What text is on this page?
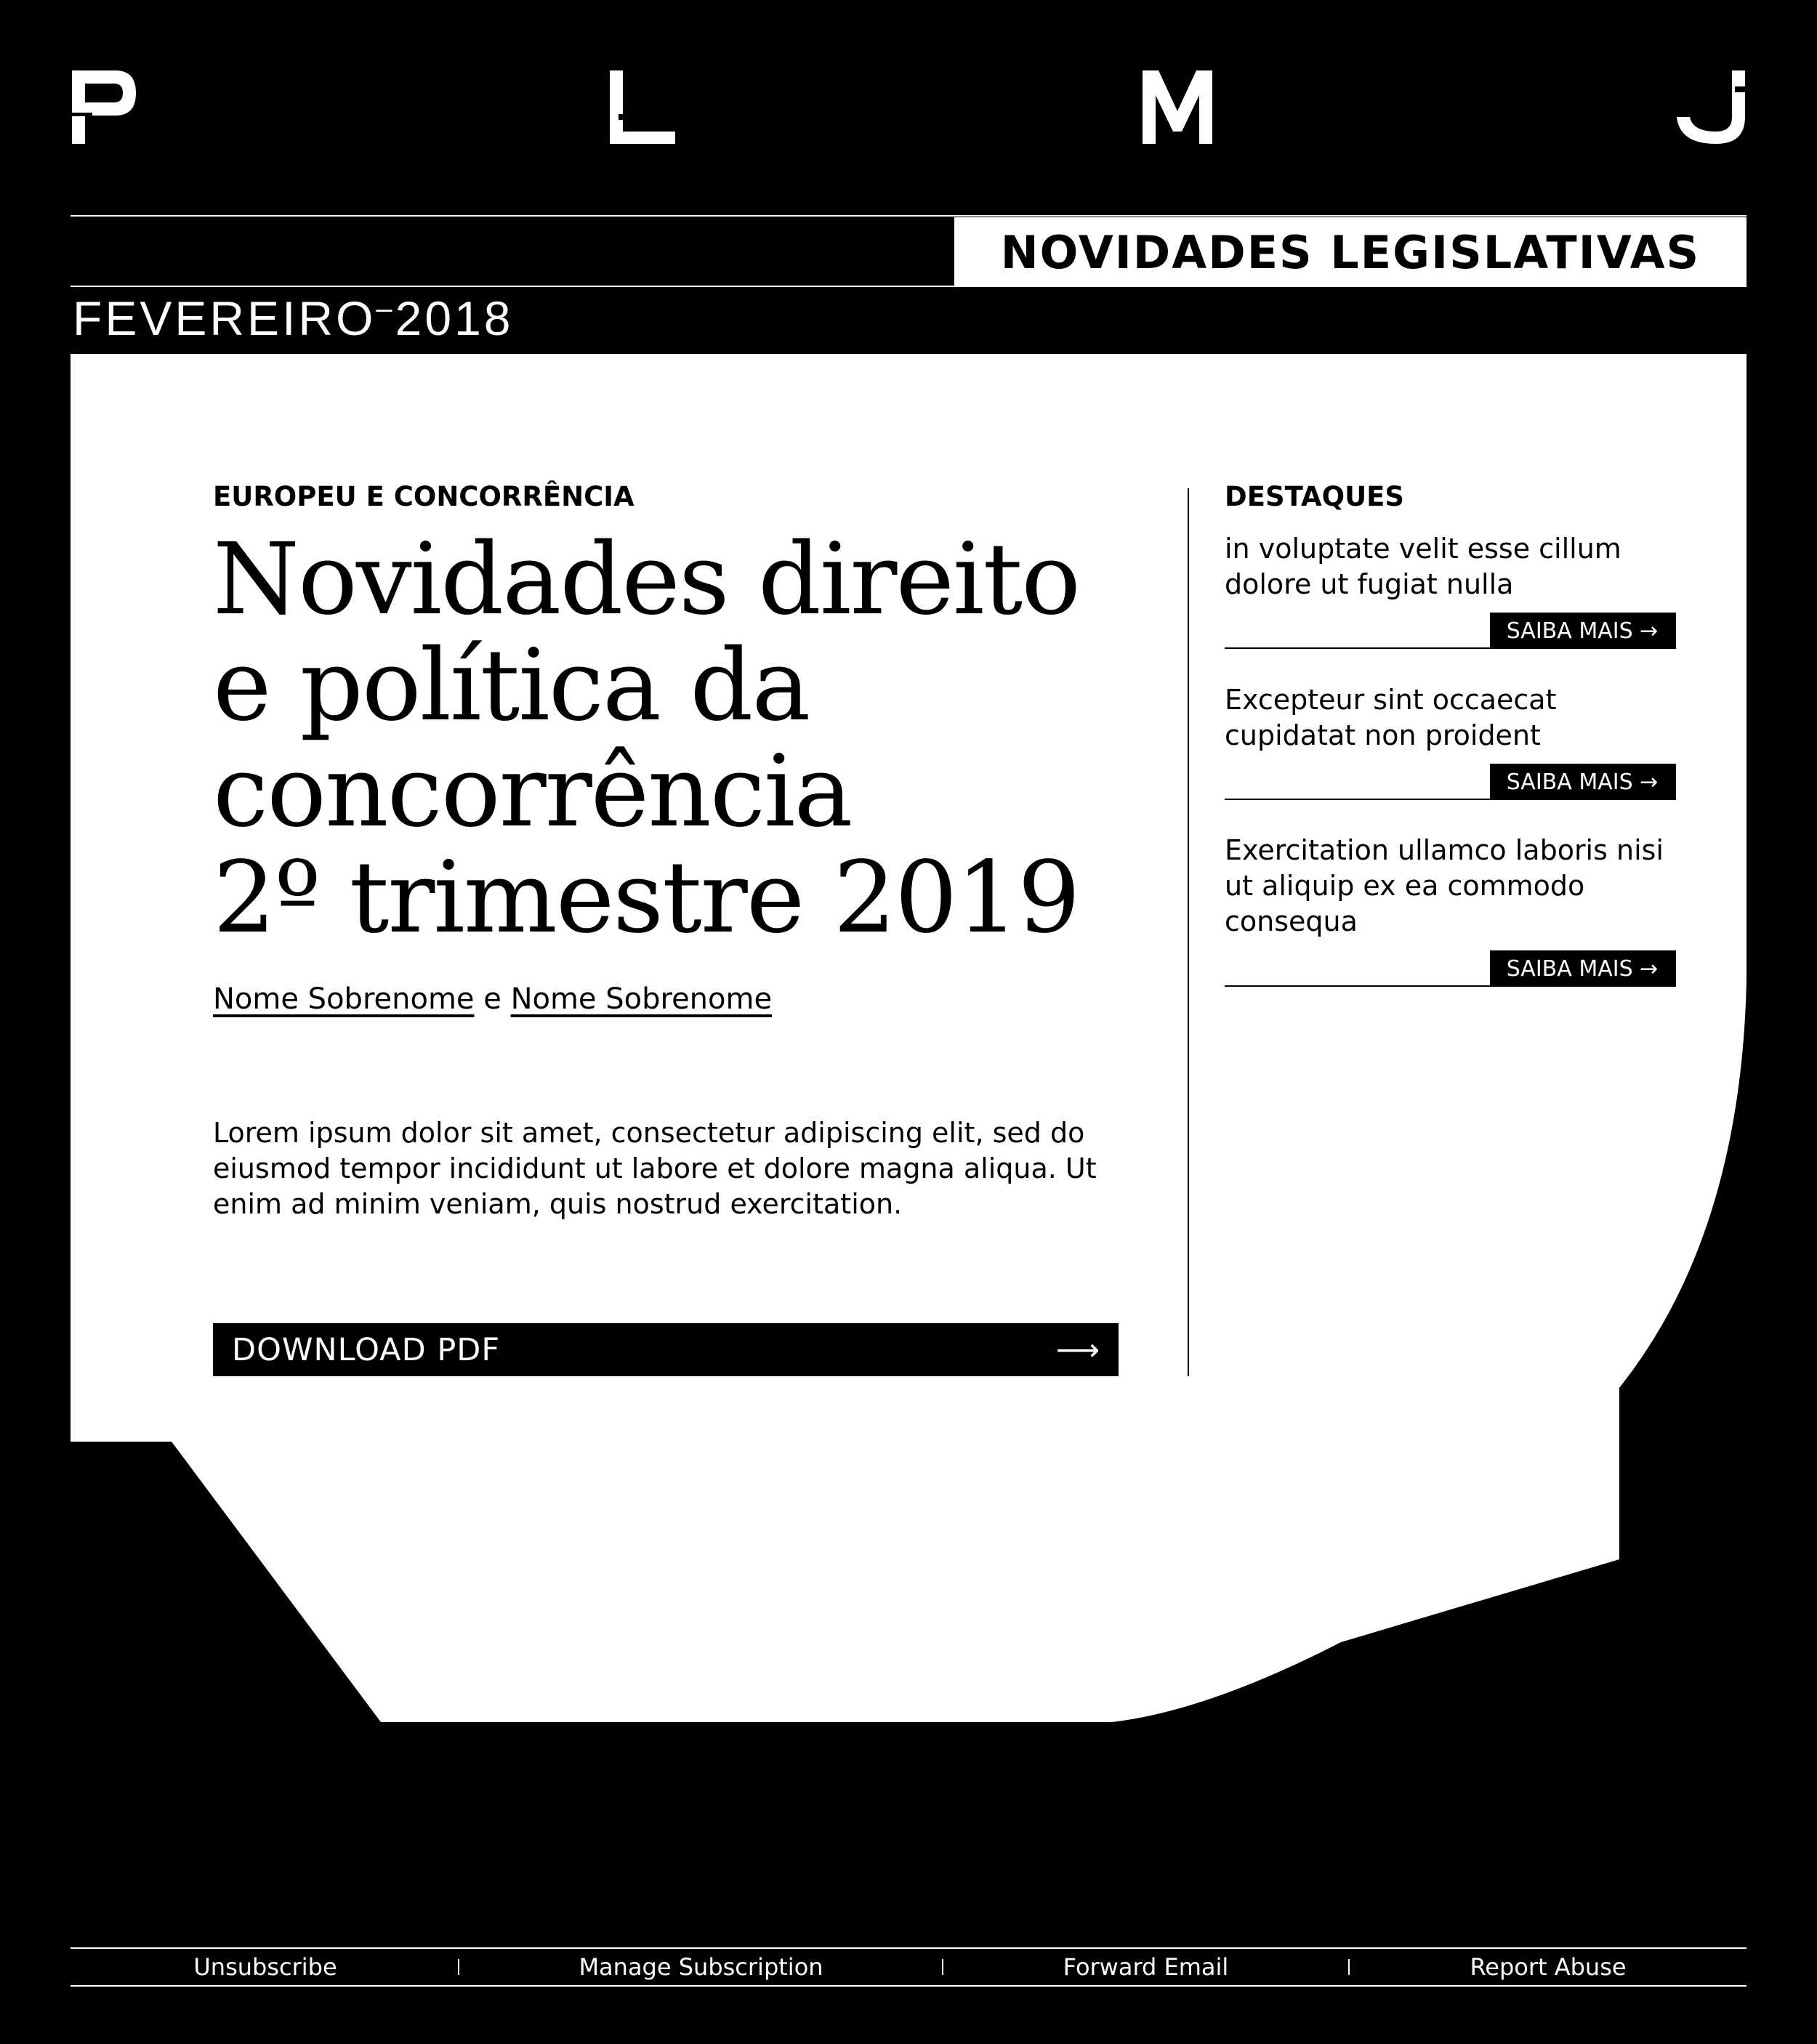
NOVIDADES LEGISLATIVAS
FEVEREIRO–2018
EUROPEU E CONCORRÊNCIA
Novidades direito
e política da
concorrência
2º trimestre 2019
Nome Sobrenome e Nome Sobrenome
Lorem ipsum dolor sit amet, consectetur adipiscing elit, sed do eiusmod tempor incididunt ut labore et dolore magna aliqua. Ut enim ad minim veniam, quis nostrud exercitation.
DOWNLOAD PDF	⟶
DESTAQUES
in voluptate velit esse cillum dolore ut fugiat nulla
SAIBA MAIS →
Excepteur sint occaecat cupidatat non proident
SAIBA MAIS →
Exercitation ullamco laboris nisi ut aliquip ex ea commodo consequa
SAIBA MAIS →
Unsubscribe	Manage Subscription	Forward Email	Report Abuse
